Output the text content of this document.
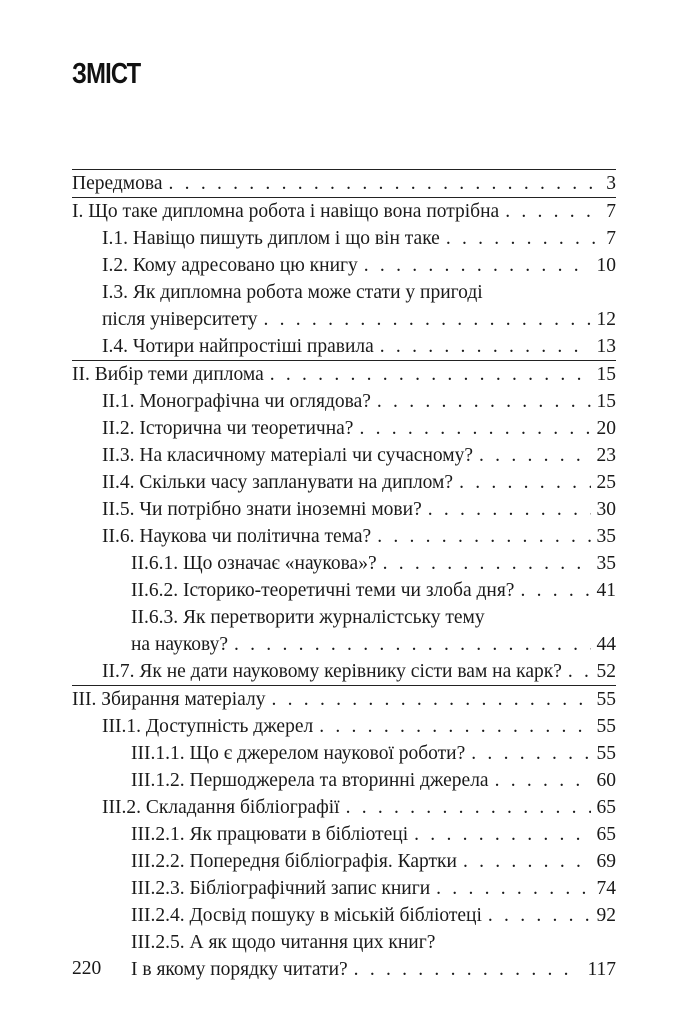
ЗМІСТ
Передмова . . .	3
І. Що таке дипломна робота і навіщо вона потрібна . . .	7
І.1. Навіщо пишуть диплом і що він таке . . .	7
І.2. Кому адресовано цю книгу . . .	10
І.3. Як дипломна робота може стати у пригоді
після університету . . .	12
І.4. Чотири найпростіші правила . . .	13
ІІ. Вибір теми диплома . . .	15
ІІ.1. Монографічна чи оглядова? . . .	15
ІІ.2. Історична чи теоретична? . . .	20
ІІ.3. На класичному матеріалі чи сучасному? . . .	23
ІІ.4. Скільки часу запланувати на диплом? . . .	25
ІІ.5. Чи потрібно знати іноземні мови? . . .	30
ІІ.6. Наукова чи політична тема? . . .	35
ІІ.6.1. Що означає «наукова»? . . .	35
ІІ.6.2. Історико-теоретичні теми чи злоба дня? . . .	41
ІІ.6.3. Як перетворити журналістську тему
на наукову? . . .	44
ІІ.7. Як не дати науковому керівнику сісти вам на карк? . . . 52
ІІІ. Збирання матеріалу . . .	55
ІІІ.1. Доступність джерел . . .	55
ІІІ.1.1. Що є джерелом наукової роботи? . . .	55
ІІІ.1.2. Першоджерела та вторинні джерела . . .	60
ІІІ.2. Складання бібліографії . . .	65
ІІІ.2.1. Як працювати в бібліотеці . . .	65
ІІІ.2.2. Попередня бібліографія. Картки . . .	69
ІІІ.2.3. Бібліографічний запис книги . . .	74
ІІІ.2.4. Досвід пошуку в міській бібліотеці . . .	92
ІІІ.2.5. А як щодо читання цих книг?
І в якому порядку читати? . . .	117
220
